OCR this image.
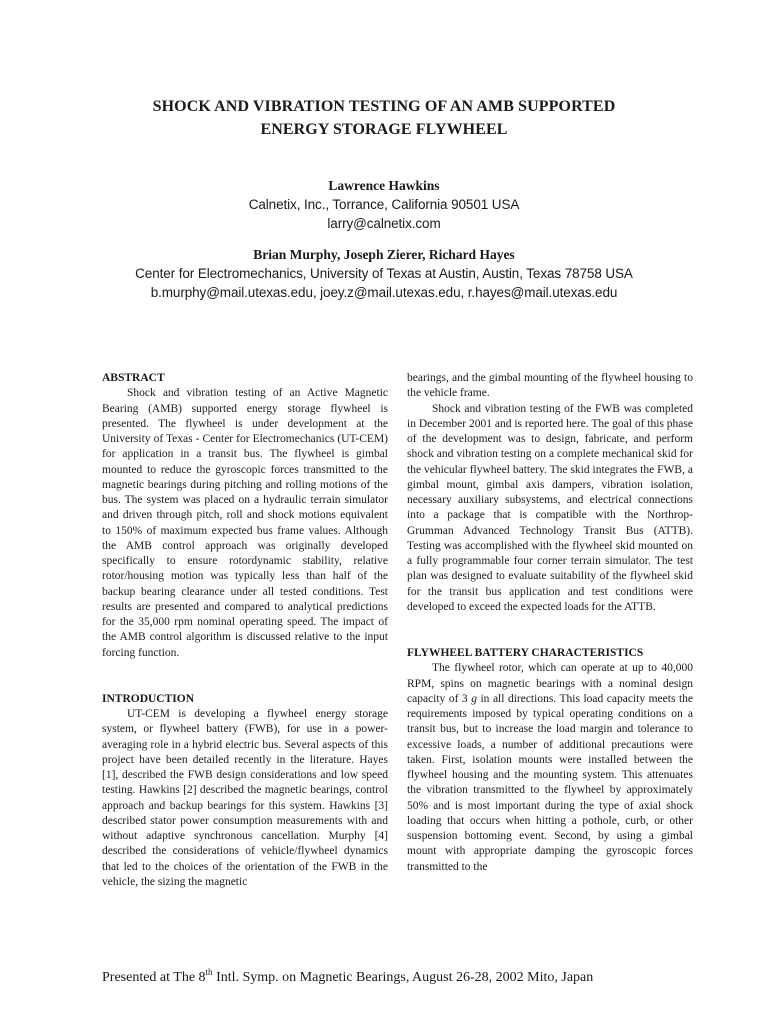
SHOCK AND VIBRATION TESTING OF AN AMB SUPPORTED
ENERGY STORAGE FLYWHEEL
Lawrence Hawkins
Calnetix, Inc., Torrance, California 90501 USA
larry@calnetix.com
Brian Murphy, Joseph Zierer, Richard Hayes
Center for Electromechanics, University of Texas at Austin, Austin, Texas 78758 USA
b.murphy@mail.utexas.edu, joey.z@mail.utexas.edu, r.hayes@mail.utexas.edu

ABSTRACT

Shock and vibration testing of an Active Magnetic Bearing (AMB) supported energy storage flywheel is presented. The flywheel is under development at the University of Texas - Center for Electromechanics (UT-CEM) for application in a transit bus. The flywheel is gimbal mounted to reduce the gyroscopic forces transmitted to the magnetic bearings during pitching and rolling motions of the bus. The system was placed on a hydraulic terrain simulator and driven through pitch, roll and shock motions equivalent to 150% of maximum expected bus frame values. Although the AMB control approach was originally developed specifically to ensure rotordynamic stability, relative rotor/housing motion was typically less than half of the backup bearing clearance under all tested conditions. Test results are presented and compared to analytical predictions for the 35,000 rpm nominal operating speed. The impact of the AMB control algorithm is discussed relative to the input forcing function.

INTRODUCTION

UT-CEM is developing a flywheel energy storage system, or flywheel battery (FWB), for use in a power-averaging role in a hybrid electric bus. Several aspects of this project have been detailed recently in the literature. Hayes [1], described the FWB design considerations and low speed testing. Hawkins [2] described the magnetic bearings, control approach and backup bearings for this system. Hawkins [3] described stator power consumption measurements with and without adaptive synchronous cancellation. Murphy [4] described the considerations of vehicle/flywheel dynamics that led to the choices of the orientation of the FWB in the vehicle, the sizing the magnetic

bearings, and the gimbal mounting of the flywheel housing to the vehicle frame.

Shock and vibration testing of the FWB was completed in December 2001 and is reported here. The goal of this phase of the development was to design, fabricate, and perform shock and vibration testing on a complete mechanical skid for the vehicular flywheel battery. The skid integrates the FWB, a gimbal mount, gimbal axis dampers, vibration isolation, necessary auxiliary subsystems, and electrical connections into a package that is compatible with the Northrop-Grumman Advanced Technology Transit Bus (ATTB). Testing was accomplished with the flywheel skid mounted on a fully programmable four corner terrain simulator. The test plan was designed to evaluate suitability of the flywheel skid for the transit bus application and test conditions were developed to exceed the expected loads for the ATTB.

FLYWHEEL BATTERY CHARACTERISTICS

The flywheel rotor, which can operate at up to 40,000 RPM, spins on magnetic bearings with a nominal design capacity of 3 g in all directions. This load capacity meets the requirements imposed by typical operating conditions on a transit bus, but to increase the load margin and tolerance to excessive loads, a number of additional precautions were taken. First, isolation mounts were installed between the flywheel housing and the mounting system. This attenuates the vibration transmitted to the flywheel by approximately 50% and is most important during the type of axial shock loading that occurs when hitting a pothole, curb, or other suspension bottoming event. Second, by using a gimbal mount with appropriate damping the gyroscopic forces transmitted to the

Presented at The 8th Intl. Symp. on Magnetic Bearings, August 26-28, 2002 Mito, Japan
